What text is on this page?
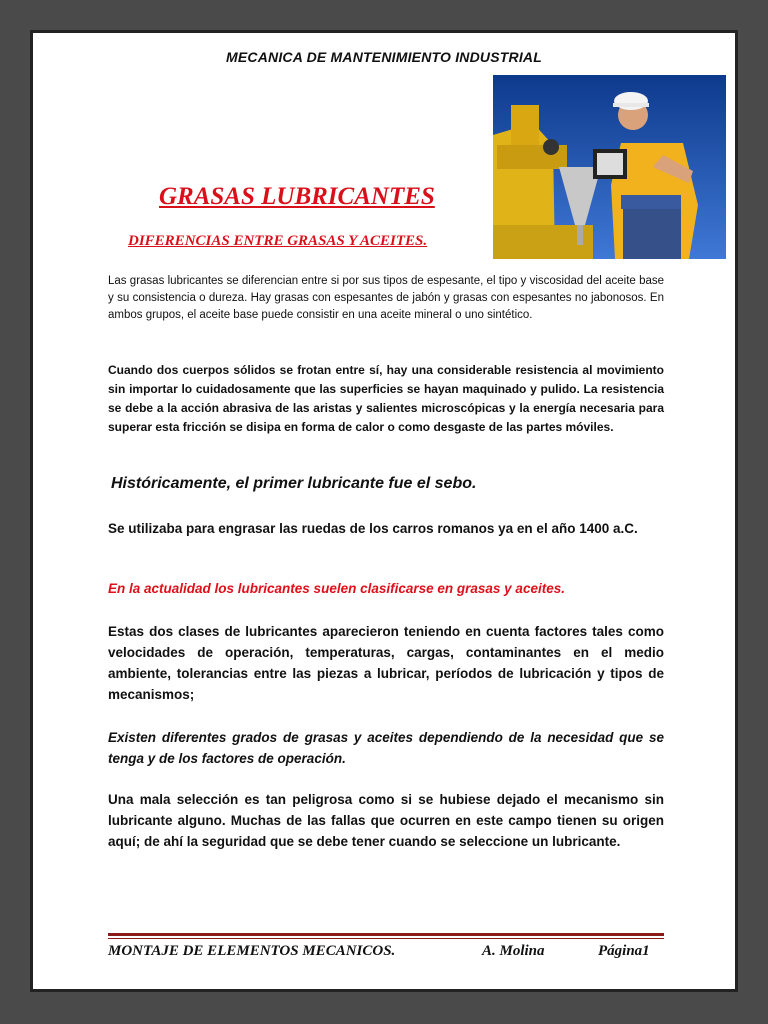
MECANICA DE MANTENIMIENTO INDUSTRIAL
GRASAS LUBRICANTES
DIFERENCIAS ENTRE GRASAS Y ACEITES.
Las grasas lubricantes se diferencian entre si por sus tipos de espesante, el tipo y viscosidad del aceite base y su consistencia o dureza. Hay grasas con espesantes de jabón y grasas con espesantes no jabonosos. En ambos grupos, el aceite base puede consistir en una aceite mineral o uno sintético.
Cuando dos cuerpos sólidos se frotan entre sí, hay una considerable resistencia al movimiento sin importar lo cuidadosamente que las superficies se hayan maquinado y pulido. La resistencia se debe a la acción abrasiva de las aristas y salientes microscópicas y la energía necesaria para superar esta fricción se disipa en forma de calor o como desgaste de las partes móviles.
Históricamente, el primer lubricante fue el sebo.
Se utilizaba para engrasar las ruedas de los carros romanos ya en el año 1400 a.C.
En la actualidad los lubricantes suelen clasificarse en grasas y aceites.
Estas dos clases de lubricantes aparecieron teniendo en cuenta factores tales como velocidades de operación, temperaturas, cargas, contaminantes en el medio ambiente, tolerancias entre las piezas a lubricar, períodos de lubricación y tipos de mecanismos;
Existen diferentes grados de grasas y aceites dependiendo de la necesidad que se tenga y de los factores de operación.
Una mala selección es tan peligrosa como si se hubiese dejado el mecanismo sin lubricante alguno. Muchas de las fallas que ocurren en este campo tienen su origen aquí; de ahí la seguridad que se debe tener cuando se seleccione un lubricante.
MONTAJE DE ELEMENTOS MECANICOS.	A. Molina	Página1
